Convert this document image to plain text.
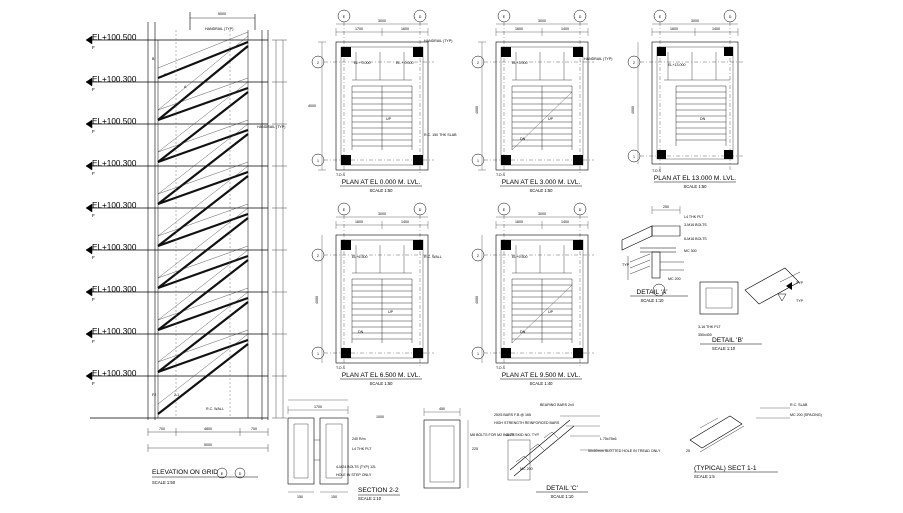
EL+100.500
F
EL+100.300
F
EL+100.500
F
EL+100.300
F
EL+100.300
F
EL+100.300
F
EL+100.300
F
EL+100.300
F
EL+100.300
F
5000
700	4800	700
5000
HANDRAIL (TYP)
HANDRAIL (TYP)
R.C. WALL
F2	2-1
B
C
A
ELEVATION ON GRID E	D
SCALE 1:50
E	D
2
1
1700	1600
3000
4000
EL+ 0.000
UP
EL.+ 0.000
HANDRAIL (TYP)
R.C. 150 THK SLAB
T.O.S
PLAN AT EL 0.000 M. LVL.
SCALE 1:50
E	D
2
1
1600	1400
3000
4000
EL+3.000
UP
DN
HANDRAIL (TYP)
T.O.S
PLAN AT EL 3.000 M. LVL.
SCALE 1:50
E	D
2
1
1600	1400
3000
4000
EL+13.000
DN
T.O.S
PLAN AT EL 13.000 M. LVL.
SCALE 1:50
E	D
2
1
1600	1400
3000
4000
EL+6.500
UP
DN
T.O.S
R.C. WALL
PLAN AT EL 6.500 M. LVL.
SCALE 1:50
E	D
2
1
1600	1400
3000
4000
EL+9.500
UP
DN
T.O.S
PLAN AT EL 9.500 M. LVL.
SCALE 1:40
250
L4 THK PLT
3-M16 BOLTS
6-M16 BOLTS
MC 300
MC 200
TYP
DETAIL 'A'
SCALE 1:10
3-16 THK PLT
350x400
TYP
TYP
DETAIL 'B'
SCALE 1:10
1700
1000
240 R/m
L4 THK PLT
4-M24 BOLTS (TYP) 12L
HOLE IN STEP ONLY
150	150
SECTION 2-2
SCALE 1:10
450
225
M8 BOLTS FOR M2 BOLTS
BEARING BARS 2x4
25X5 BARS F.B @ 165
HIGH STRENGTH REINFORCED BARS
ANTI SKID NO. TYP.
L 75x75x6
50x50mm SLOTTED HOLE IN TREAD ONLY
MC 200
DETAIL 'C'
SCALE 1:10
25
R.C. SLAB
MC 200 (SPACING)
(TYPICAL) SECT 1-1
SCALE 1:5
